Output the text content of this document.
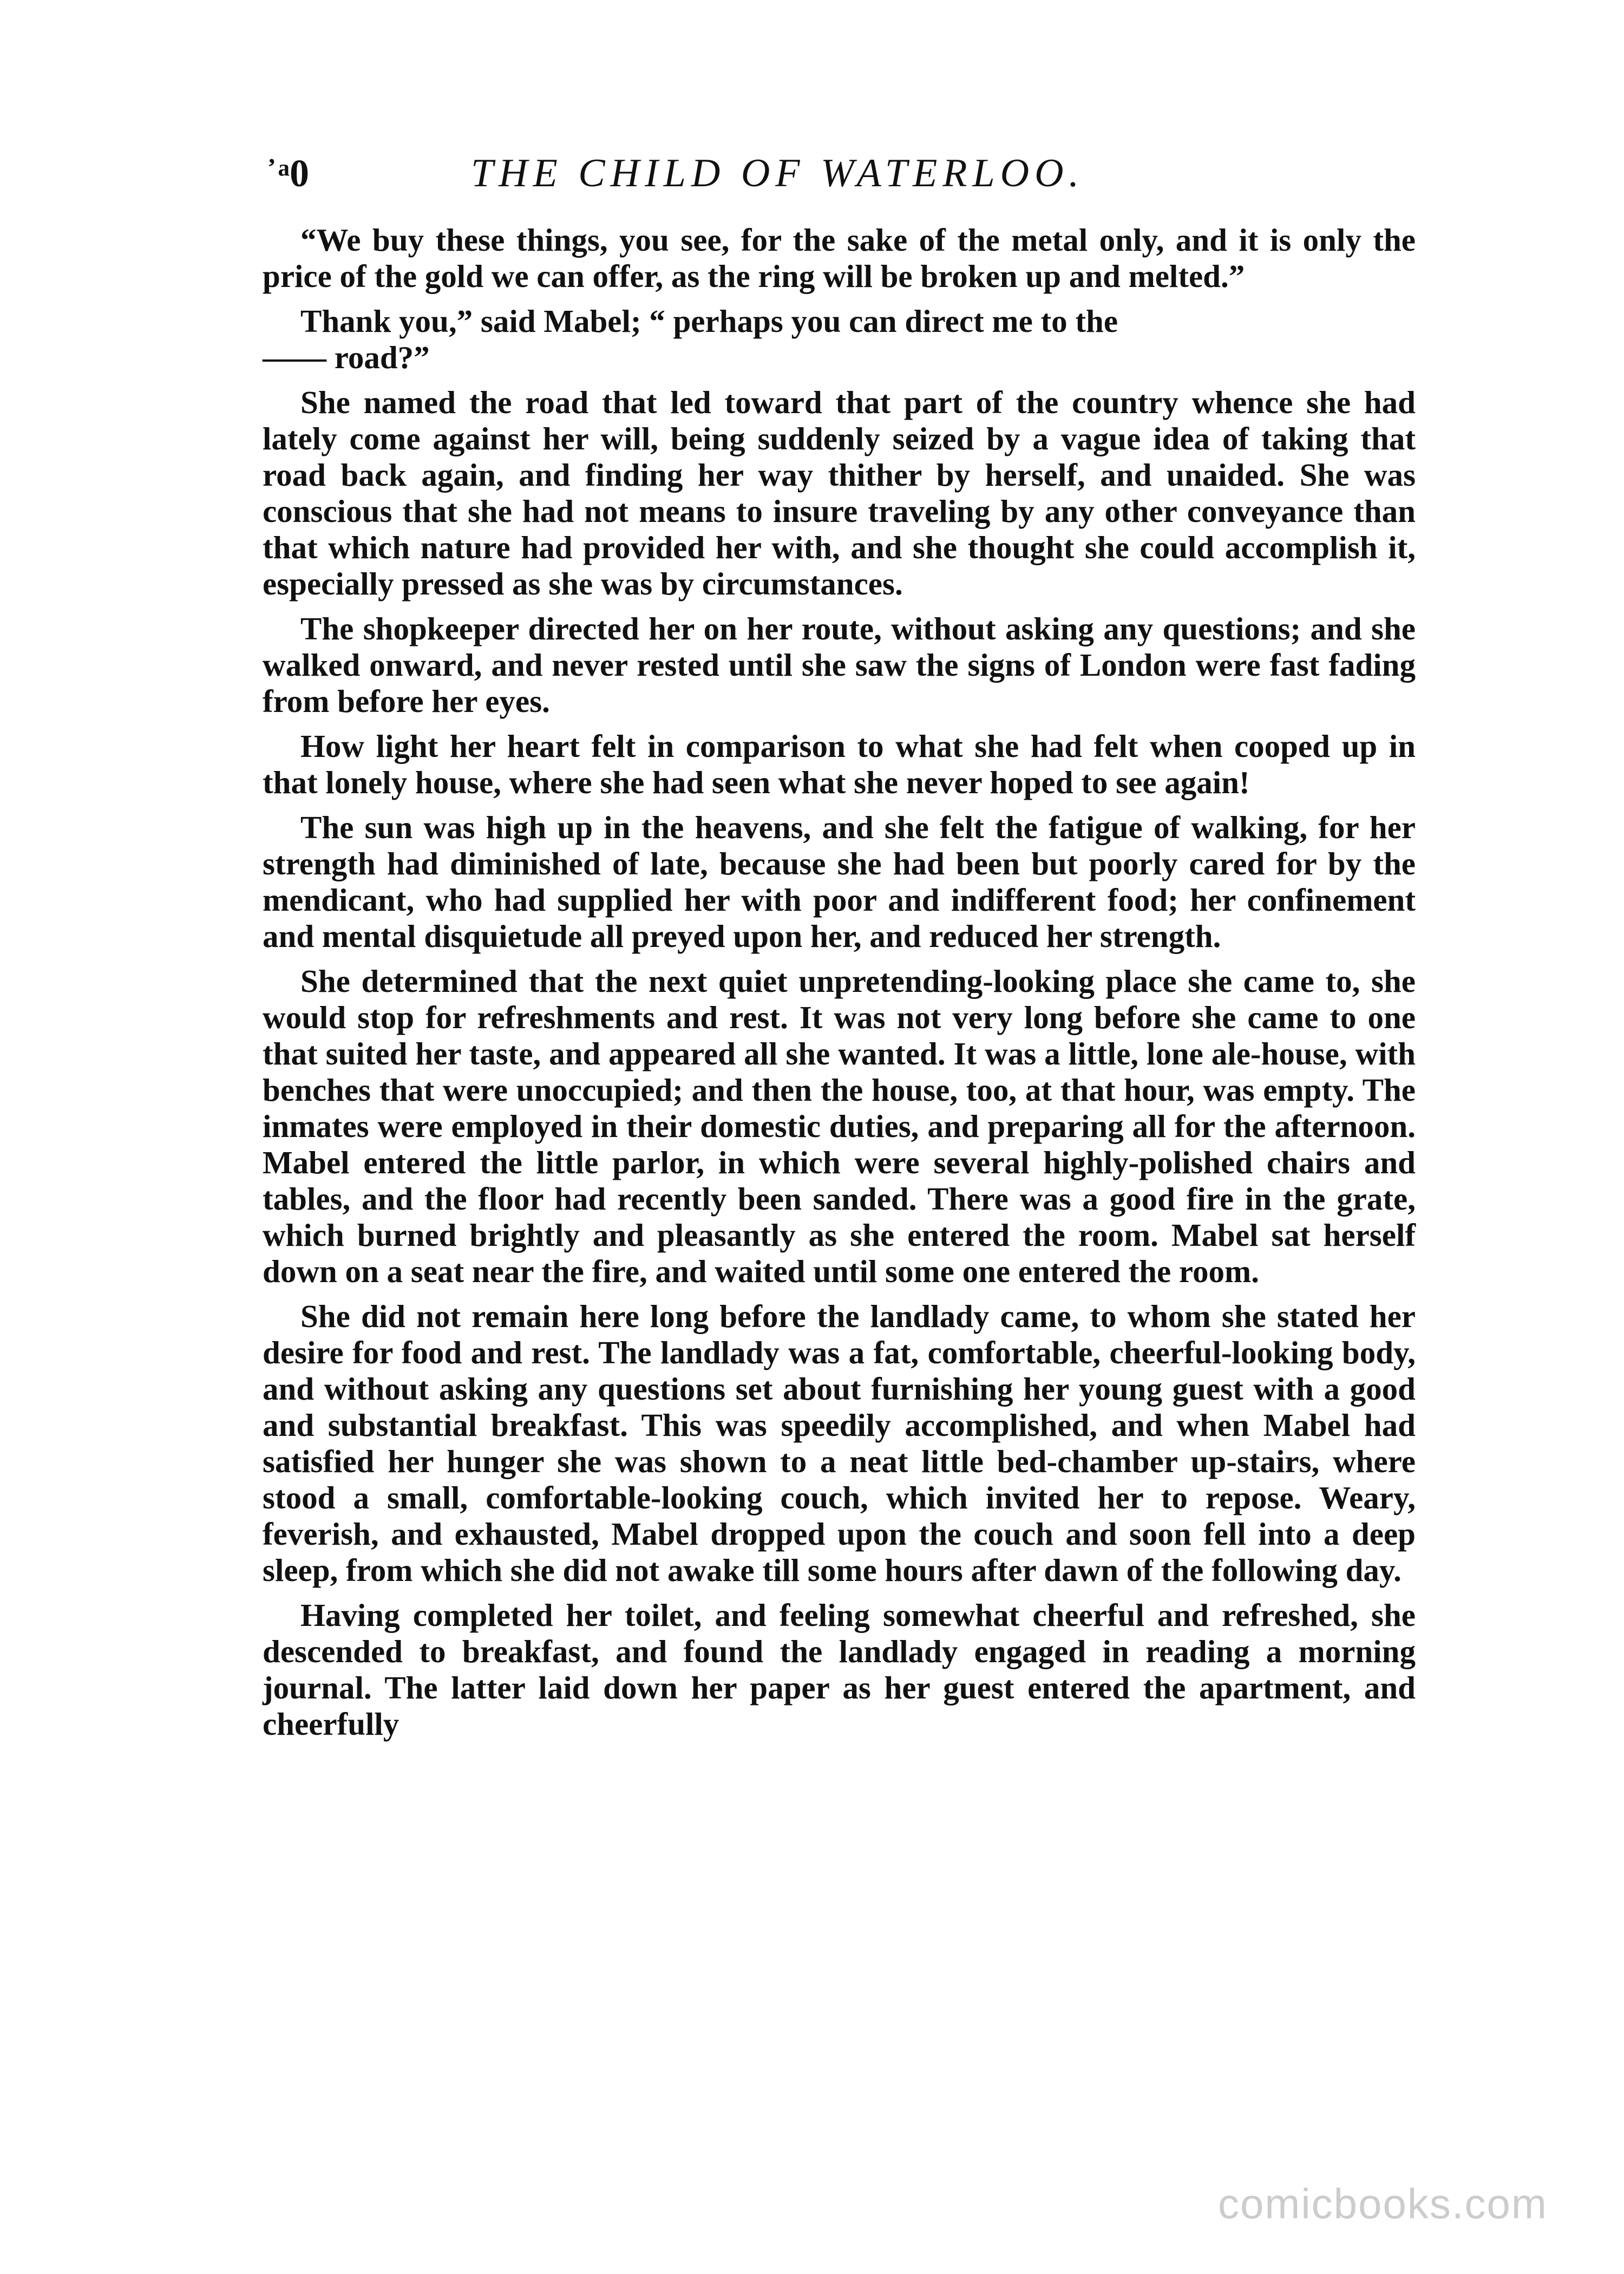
᾿ᵃ0	THE CHILD OF WATERLOO.

“We buy these things, you see, for the sake of the metal only, and it is only the price of the gold we can offer, as the ring will be broken up and melted.”

Thank you,” said Mabel; “ perhaps you can direct me to the
—— road?”

She named the road that led toward that part of the country whence she had lately come against her will, being suddenly seized by a vague idea of taking that road back again, and finding her way thither by herself, and unaided. She was conscious that she had not means to insure traveling by any other conveyance than that which nature had provided her with, and she thought she could accomplish it, especially pressed as she was by circumstances.

The shopkeeper directed her on her route, without asking any questions; and she walked onward, and never rested until she saw the signs of London were fast fading from before her eyes.

How light her heart felt in comparison to what she had felt when cooped up in that lonely house, where she had seen what she never hoped to see again!

The sun was high up in the heavens, and she felt the fatigue of walking, for her strength had diminished of late, because she had been but poorly cared for by the mendicant, who had supplied her with poor and indifferent food; her confinement and mental disquietude all preyed upon her, and reduced her strength.

She determined that the next quiet unpretending-looking place she came to, she would stop for refreshments and rest. It was not very long before she came to one that suited her taste, and appeared all she wanted. It was a little, lone ale-house, with benches that were unoccupied; and then the house, too, at that hour, was empty. The inmates were employed in their domestic duties, and preparing all for the afternoon. Mabel entered the little parlor, in which were several highly-polished chairs and tables, and the floor had recently been sanded. There was a good fire in the grate, which burned brightly and pleasantly as she entered the room. Mabel sat herself down on a seat near the fire, and waited until some one entered the room.

She did not remain here long before the landlady came, to whom she stated her desire for food and rest. The landlady was a fat, comfortable, cheerful-looking body, and without asking any questions set about furnishing her young guest with a good and substantial breakfast. This was speedily accomplished, and when Mabel had satisfied her hunger she was shown to a neat little bed-chamber up-stairs, where stood a small, comfortable-looking couch, which invited her to repose. Weary, feverish, and exhausted, Mabel dropped upon the couch and soon fell into a deep sleep, from which she did not awake till some hours after dawn of the following day.

Having completed her toilet, and feeling somewhat cheerful and refreshed, she descended to breakfast, and found the landlady engaged in reading a morning journal. The latter laid down her paper as her guest entered the apartment, and cheerfully

comicbooks.com
